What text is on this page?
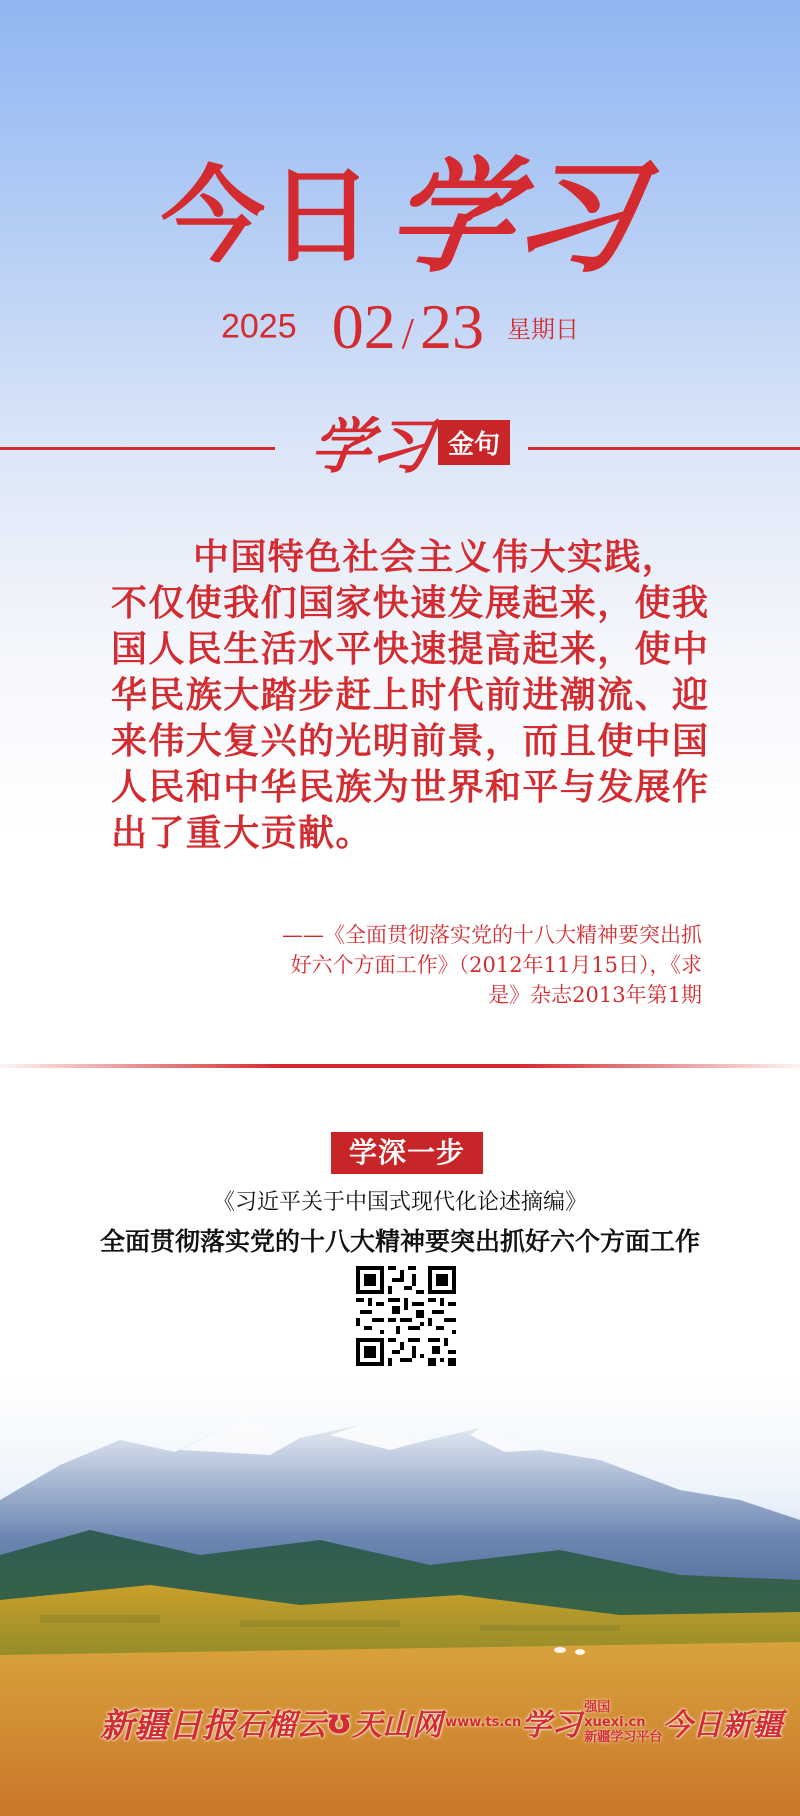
今日学习
2025 02 /23 星期日
学习 金句

中国特色社会主义伟大实践，不仅使我们国家快速发展起来，使我国人民生活水平快速提高起来，使中华民族大踏步赶上时代前进潮流、迎来伟大复兴的光明前景，而且使中国人民和中华民族为世界和平与发展作出了重大贡献。

——《全面贯彻落实党的十八大精神要突出抓好六个方面工作》（2012年11月15日），《求是》杂志2013年第1期

学深一步
《习近平关于中国式现代化论述摘编》
全面贯彻落实党的十八大精神要突出抓好六个方面工作
新疆日报 石榴云 ʊ 天山网 www.ts.cn 学习
强国
xuexi.cn
新疆学习平台 今日新疆
